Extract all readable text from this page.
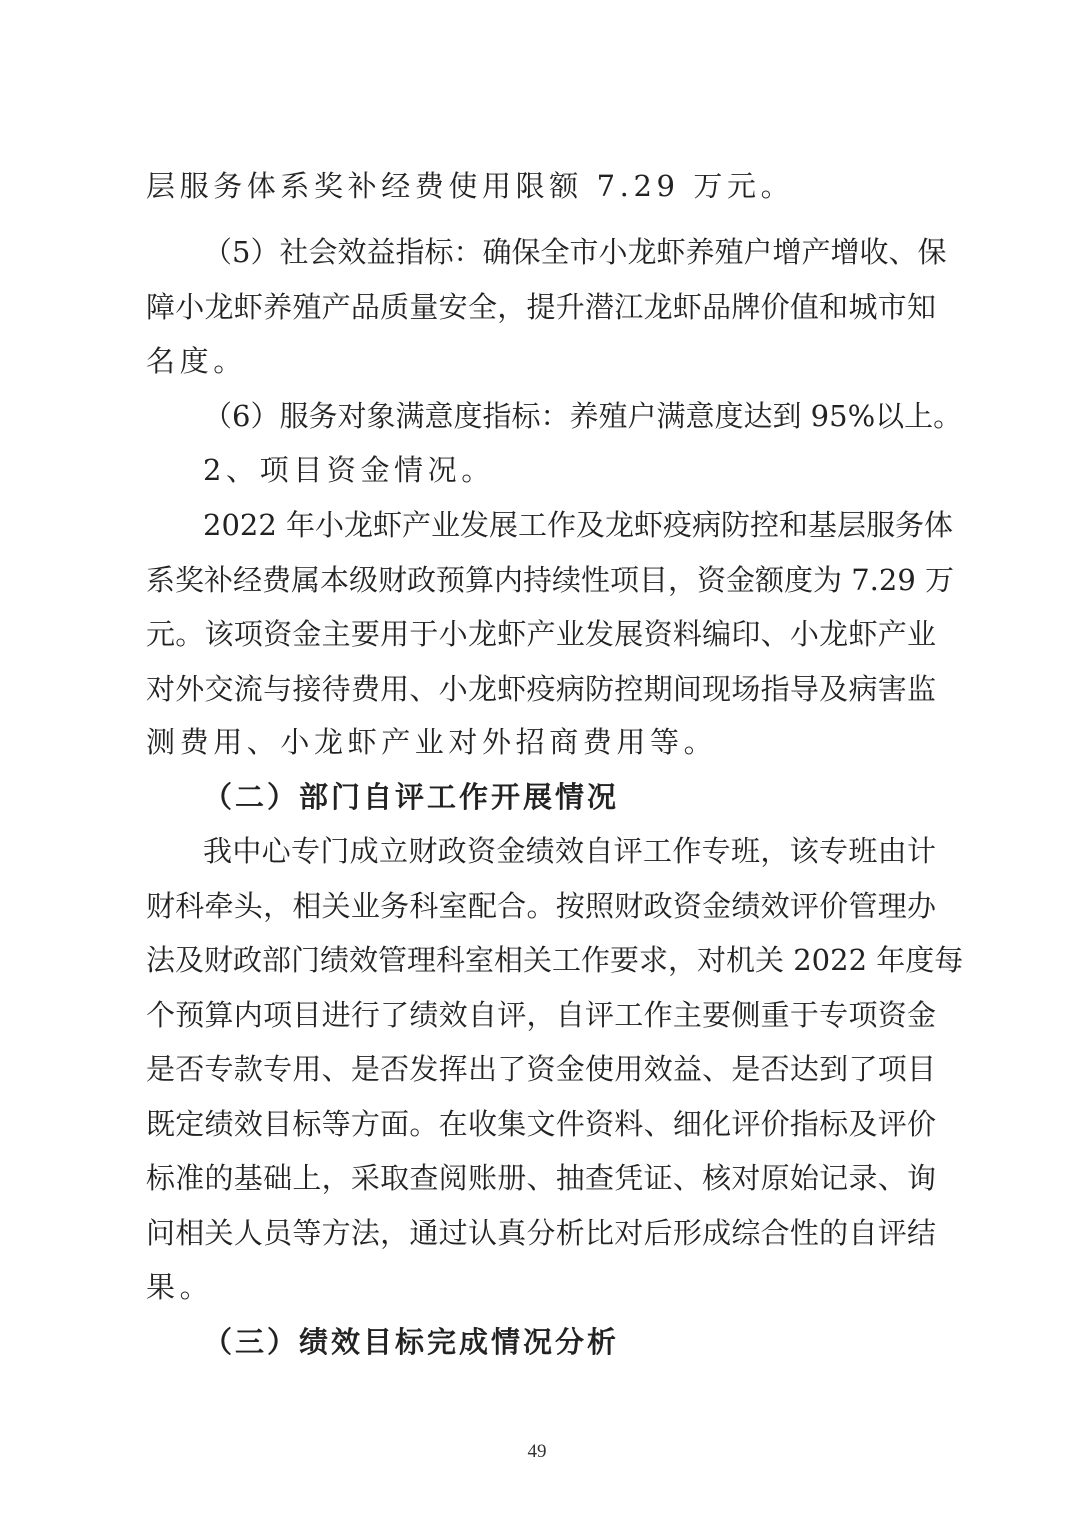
层服务体系奖补经费使用限额 7.29 万元。
（5）社会效益指标：确保全市小龙虾养殖户增产增收、保
障小龙虾养殖产品质量安全，提升潜江龙虾品牌价值和城市知
名度。
（6）服务对象满意度指标：养殖户满意度达到 95%以上。
2、项目资金情况。
2022 年小龙虾产业发展工作及龙虾疫病防控和基层服务体
系奖补经费属本级财政预算内持续性项目，资金额度为 7.29 万
元。该项资金主要用于小龙虾产业发展资料编印、小龙虾产业
对外交流与接待费用、小龙虾疫病防控期间现场指导及病害监
测费用、小龙虾产业对外招商费用等。
（二）部门自评工作开展情况
我中心专门成立财政资金绩效自评工作专班，该专班由计
财科牵头，相关业务科室配合。按照财政资金绩效评价管理办
法及财政部门绩效管理科室相关工作要求，对机关 2022 年度每
个预算内项目进行了绩效自评，自评工作主要侧重于专项资金
是否专款专用、是否发挥出了资金使用效益、是否达到了项目
既定绩效目标等方面。在收集文件资料、细化评价指标及评价
标准的基础上，采取查阅账册、抽查凭证、核对原始记录、询
问相关人员等方法，通过认真分析比对后形成综合性的自评结
果。
（三）绩效目标完成情况分析
49
